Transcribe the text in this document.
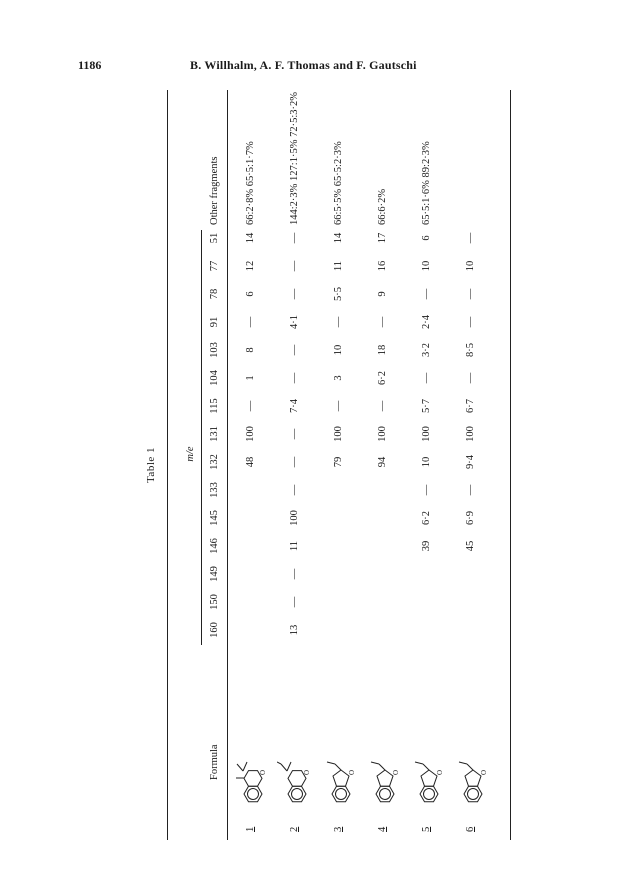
1186	B. Willhalm, A. F. Thomas and F. Gautschi
Table 1	m/e
Formula
Other fragments
160
150
149
146
145
133
132
131
115
104
103
91
78
77
51
1
O
48
100
—
1
8
—
6
12
14
66:2·8% 65·5:1·7%
2
O
13
—
—
11
100
—
—
—
7·4
—
—
4·1
—
—
—
144:2·3% 127:1·5% 72·5:3·2%
3
O
79
100
—
3
10
—
5·5
11
14
66:5·5% 65·5:2·3%
4
O
94
100
—
6·2
18
—
9
16
17
66:6·2%
5
O
39
6·2
—
10
100
5·7
—
3·2
2·4
—
10
6
65·5:1·6% 89:2·3%
6
O
45
6·9
—
9·4
100
6·7
—
8·5
—
—
10
—
